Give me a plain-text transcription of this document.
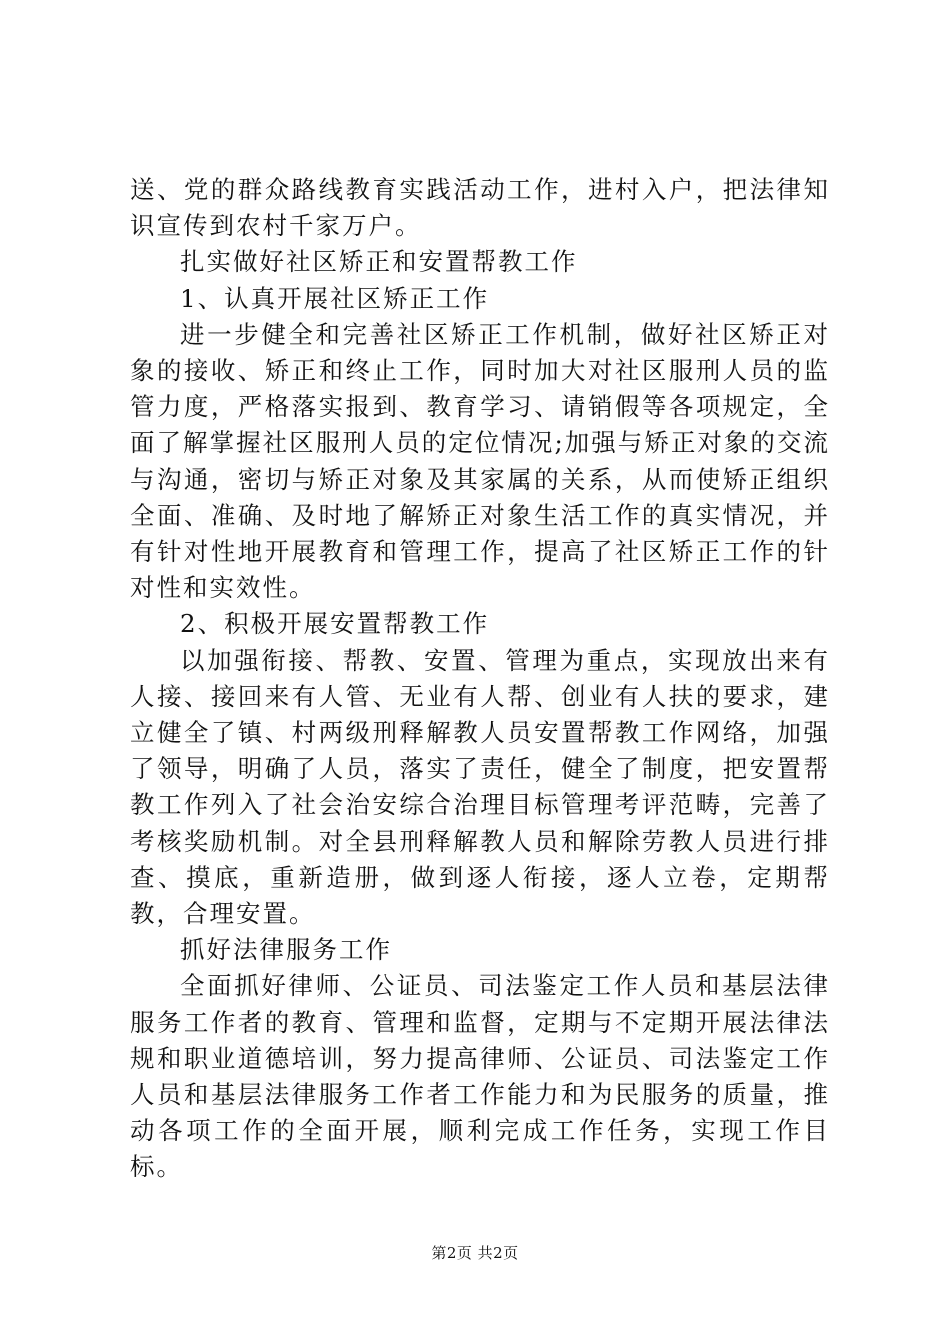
送、党的群众路线教育实践活动工作，进村入户，把法律知识宣传到农村千家万户。

扎实做好社区矫正和安置帮教工作

1、认真开展社区矫正工作

进一步健全和完善社区矫正工作机制，做好社区矫正对象的接收、矫正和终止工作，同时加大对社区服刑人员的监管力度，严格落实报到、教育学习、请销假等各项规定，全面了解掌握社区服刑人员的定位情况;加强与矫正对象的交流与沟通，密切与矫正对象及其家属的关系，从而使矫正组织全面、准确、及时地了解矫正对象生活工作的真实情况，并有针对性地开展教育和管理工作，提高了社区矫正工作的针对性和实效性。

2、积极开展安置帮教工作

以加强衔接、帮教、安置、管理为重点，实现放出来有人接、接回来有人管、无业有人帮、创业有人扶的要求，建立健全了镇、村两级刑释解教人员安置帮教工作网络，加强了领导，明确了人员，落实了责任，健全了制度，把安置帮教工作列入了社会治安综合治理目标管理考评范畴，完善了考核奖励机制。对全县刑释解教人员和解除劳教人员进行排查、摸底，重新造册，做到逐人衔接，逐人立卷，定期帮教，合理安置。

抓好法律服务工作

全面抓好律师、公证员、司法鉴定工作人员和基层法律服务工作者的教育、管理和监督，定期与不定期开展法律法规和职业道德培训，努力提高律师、公证员、司法鉴定工作人员和基层法律服务工作者工作能力和为民服务的质量，推动各项工作的全面开展，顺利完成工作任务，实现工作目标。

第2页 共2页
